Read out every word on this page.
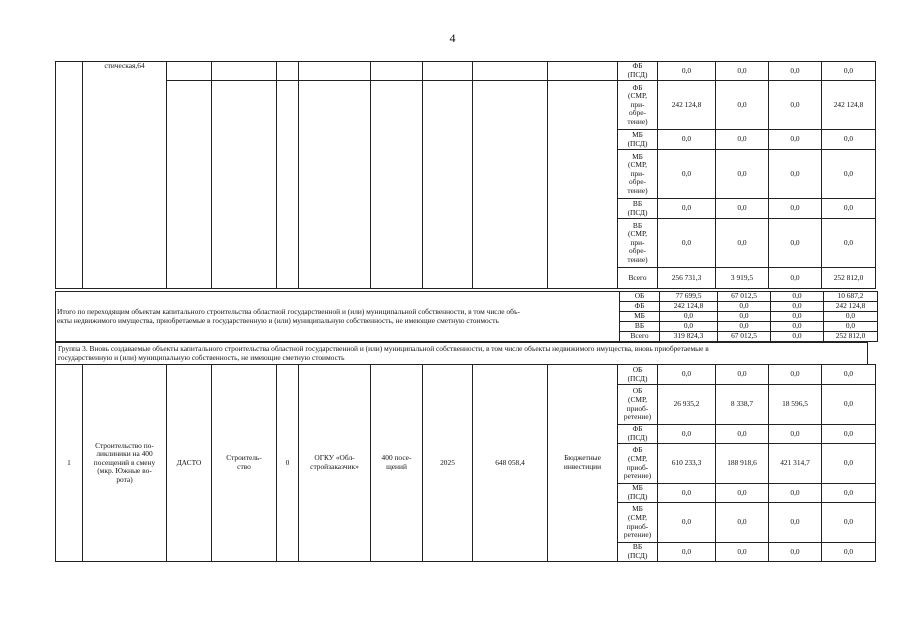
4
	стическая,64									ФБ
(ПСД)	0,0	0,0	0,0	0,0
										ФБ
(СМР,
при-
обре-
тение)	242 124,8	0,0	0,0	242 124,8
										МБ
(ПСД)	0,0	0,0	0,0	0,0
										МБ
(СМР,
при-
обре-
тение)	0,0	0,0	0,0	0,0
										ВБ
(ПСД)	0,0	0,0	0,0	0,0
										ВБ
(СМР,
при-
обре-
тение)	0,0	0,0	0,0	0,0
										Всего	256 731,3	3 919,5	0,0	252 812,0
Итого по переходящим объектам капитального строительства областной государственной и (или) муниципальной собственности, в том числе объ-
екты недвижимого имущества, приобретаемые в государственную и (или) муниципальную собственность, не имеющие сметную стоимость	ОБ	77 699,5	67 012,5	0,0	10 687,2
	ФБ	242 124,8	0,0	0,0	242 124,8
	МБ	0,0	0,0	0,0	0,0
	ВБ	0,0	0,0	0,0	0,0
	Всего	319 824,3	67 012,5	0,0	252 812,0
Группа 3. Вновь создаваемые объекты капитального строительства областной государственной и (или) муниципальной собственности, в том числе объекты недвижимого имущества, вновь приобретаемые в
государственную и (или) муниципальную собственность, не имеющие сметную стоимость
1	Строительство по-
ликлиники на 400
посещений в смену
(мкр. Южные во-
рота)	ДАСТО	Строитель-
ство	0	ОГКУ «Обл-
стройзаказчик»	400 посе-
щений	2025	648 058,4	Бюджетные
инвестиции	ОБ
(ПСД)	0,0	0,0	0,0	0,0
										ОБ
(СМР,
приоб-
ретение)	26 935,2	8 338,7	18 596,5	0,0
										ФБ
(ПСД)	0,0	0,0	0,0	0,0
										ФБ
(СМР,
приоб-
ретение)	610 233,3	188 918,6	421 314,7	0,0
										МБ
(ПСД)	0,0	0,0	0,0	0,0
										МБ
(СМР,
приоб-
ретение)	0,0	0,0	0,0	0,0
										ВБ
(ПСД)	0,0	0,0	0,0	0,0
